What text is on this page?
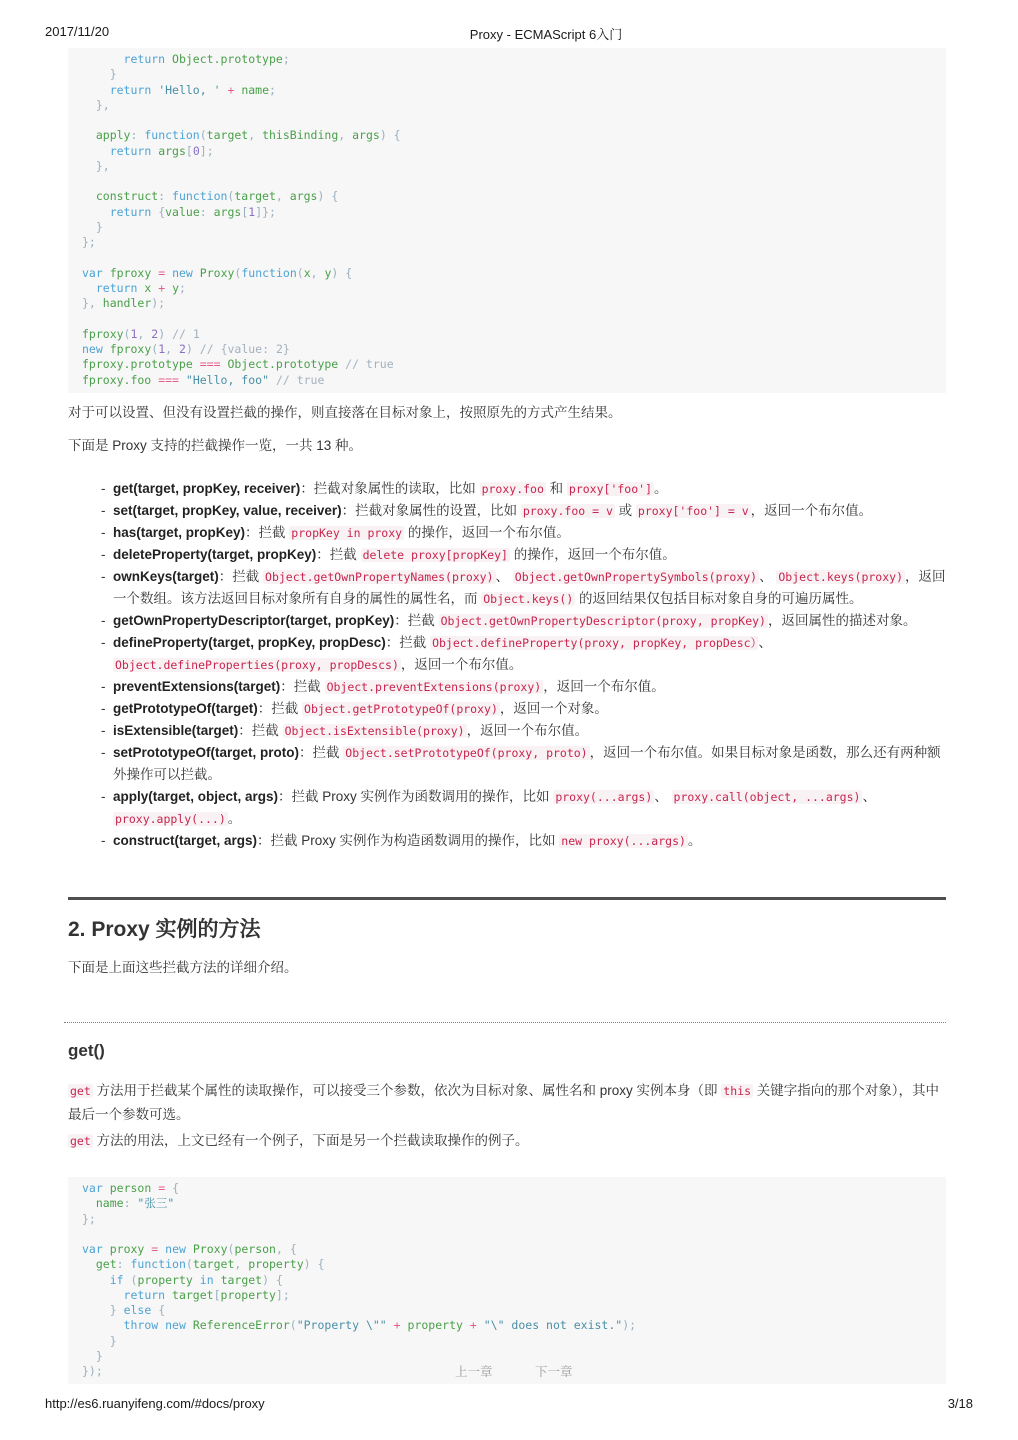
2017/11/20	Proxy - ECMAScript 6入门
return Object.prototype;
}
return 'Hello, ' + name;
},

apply: function(target, thisBinding, args) {
return args[0];
},

construct: function(target, args) {
return {value: args[1]};
}
};

var fproxy = new Proxy(function(x, y) {
return x + y;
}, handler);

fproxy(1, 2) // 1
new fproxy(1, 2) // {value: 2}
fproxy.prototype === Object.prototype // true
fproxy.foo === "Hello, foo" // true

对于可以设置、但没有设置拦截的操作，则直接落在目标对象上，按照原先的方式产生结果。

下面是 Proxy 支持的拦截操作一览，一共 13 种。

- get(target, propKey, receiver)：拦截对象属性的读取，比如 proxy.foo 和 proxy['foo'] 。
- set(target, propKey, value, receiver)：拦截对象属性的设置，比如 proxy.foo = v 或 proxy['foo'] = v ，返回一个布尔值。
- has(target, propKey)：拦截 propKey in proxy 的操作，返回一个布尔值。
- deleteProperty(target, propKey)：拦截 delete proxy[propKey] 的操作，返回一个布尔值。
- ownKeys(target)：拦截 Object.getOwnPropertyNames(proxy) 、 Object.getOwnPropertySymbols(proxy) 、 Object.keys(proxy) ，返回一个数组。该方法返回目标对象所有自身的属性的属性名，而 Object.keys() 的返回结果仅包括目标对象自身的可遍历属性。
- getOwnPropertyDescriptor(target, propKey)：拦截 Object.getOwnPropertyDescriptor(proxy, propKey) ，返回属性的描述对象。
- defineProperty(target, propKey, propDesc)：拦截 Object.defineProperty(proxy, propKey, propDesc） 、 Object.defineProperties(proxy, propDescs) ，返回一个布尔值。
- preventExtensions(target)：拦截 Object.preventExtensions(proxy) ，返回一个布尔值。
- getPrototypeOf(target)：拦截 Object.getPrototypeOf(proxy) ，返回一个对象。
- isExtensible(target)：拦截 Object.isExtensible(proxy) ，返回一个布尔值。
- setPrototypeOf(target, proto)：拦截 Object.setPrototypeOf(proxy, proto) ，返回一个布尔值。如果目标对象是函数，那么还有两种额外操作可以拦截。
- apply(target, object, args)：拦截 Proxy 实例作为函数调用的操作，比如 proxy(...args) 、 proxy.call(object, ...args) 、 proxy.apply(...) 。
- construct(target, args)：拦截 Proxy 实例作为构造函数调用的操作，比如 new proxy(...args) 。
2. Proxy 实例的方法

下面是上面这些拦截方法的详细介绍。

get()

get 方法用于拦截某个属性的读取操作，可以接受三个参数，依次为目标对象、属性名和 proxy 实例本身（即 this 关键字指向的那个对象），其中最后一个参数可选。

get 方法的用法，上文已经有一个例子，下面是另一个拦截读取操作的例子。

var person = {
name: "张三"
};

var proxy = new Proxy(person, {
get: function(target, property) {
if (property in target) {
return target[property];
} else {
throw new ReferenceError("Property \"" + property + "\" does not exist.");
}
}
});	上一章	下一章
http://es6.ruanyifeng.com/#docs/proxy	3/18
